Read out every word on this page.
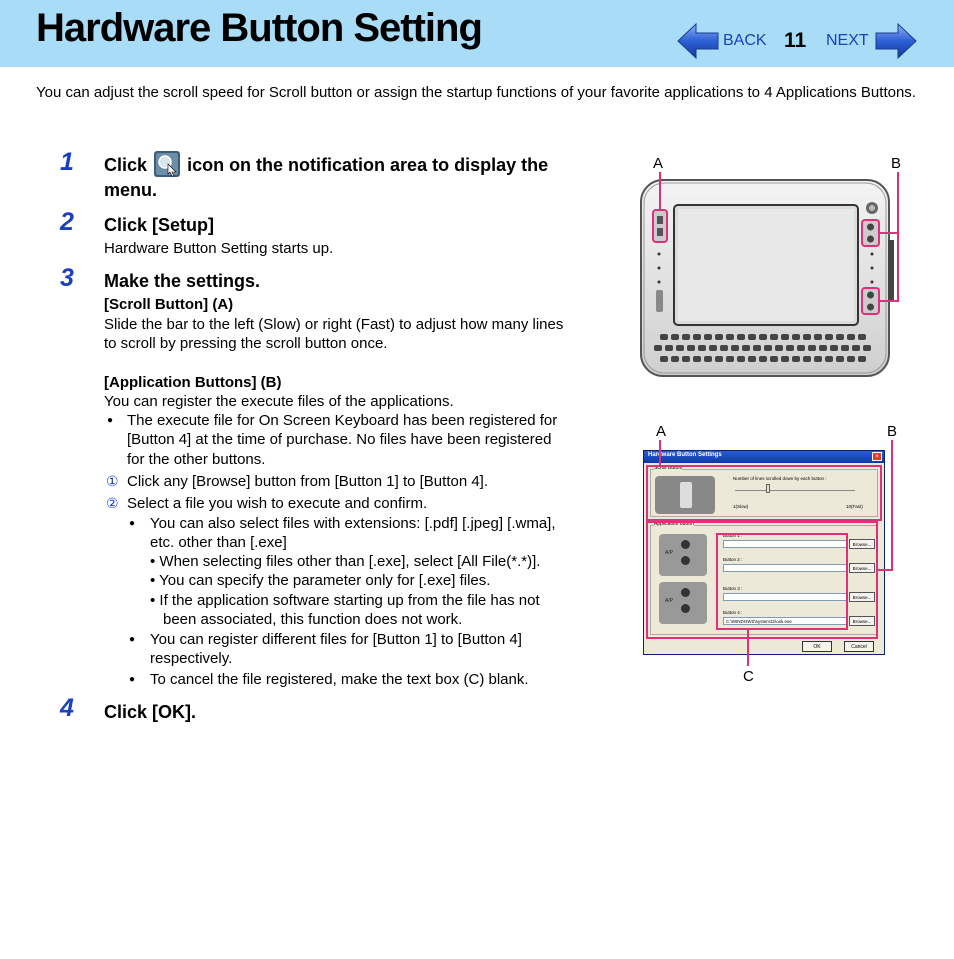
Hardware Button Setting	BACK 11 NEXT
You can adjust the scroll speed for Scroll button or assign the startup functions of your favorite applications to 4 Applications Buttons.
1 Click icon on the notification area to display the
menu.
2 Click [Setup]
Hardware Button Setting starts up.
3 Make the settings.
[Scroll Button] (A)
Slide the bar to the left (Slow) or right (Fast) to adjust how many lines
to scroll by pressing the scroll button once.
[Application Buttons] (B)
You can register the execute files of the applications.
● The execute file for On Screen Keyboard has been registered for
[Button 4] at the time of purchase. No files have been registered
for the other buttons.
① Click any [Browse] button from [Button 1] to [Button 4].
② Select a file you wish to execute and confirm.
● You can also select files with extensions: [.pdf] [.jpeg] [.wma],
etc. other than [.exe]
• When selecting files other than [.exe], select [All File(*.*)].
• You can specify the parameter only for [.exe] files.
• If the application software starting up from the file has not
been associated, this function does not work.
● You can register different files for [Button 1] to [Button 4]
respectively.
● To cancel the file registered, make the text box (C) blank.
4 Click [OK].
A	B
A	B
C
Hardware Button Settings	×
Scroll Button
Number of lines scrolled down by each button :
1(Slow)	10(Fast)
Application button
A/P
A/P
Button 1 :
Browse...
Button 2 :
Browse...
Button 3 :
Browse...
Button 4 :
C:\WINDOWS\system32\osk.exe	Browse...
OK	Cancel
